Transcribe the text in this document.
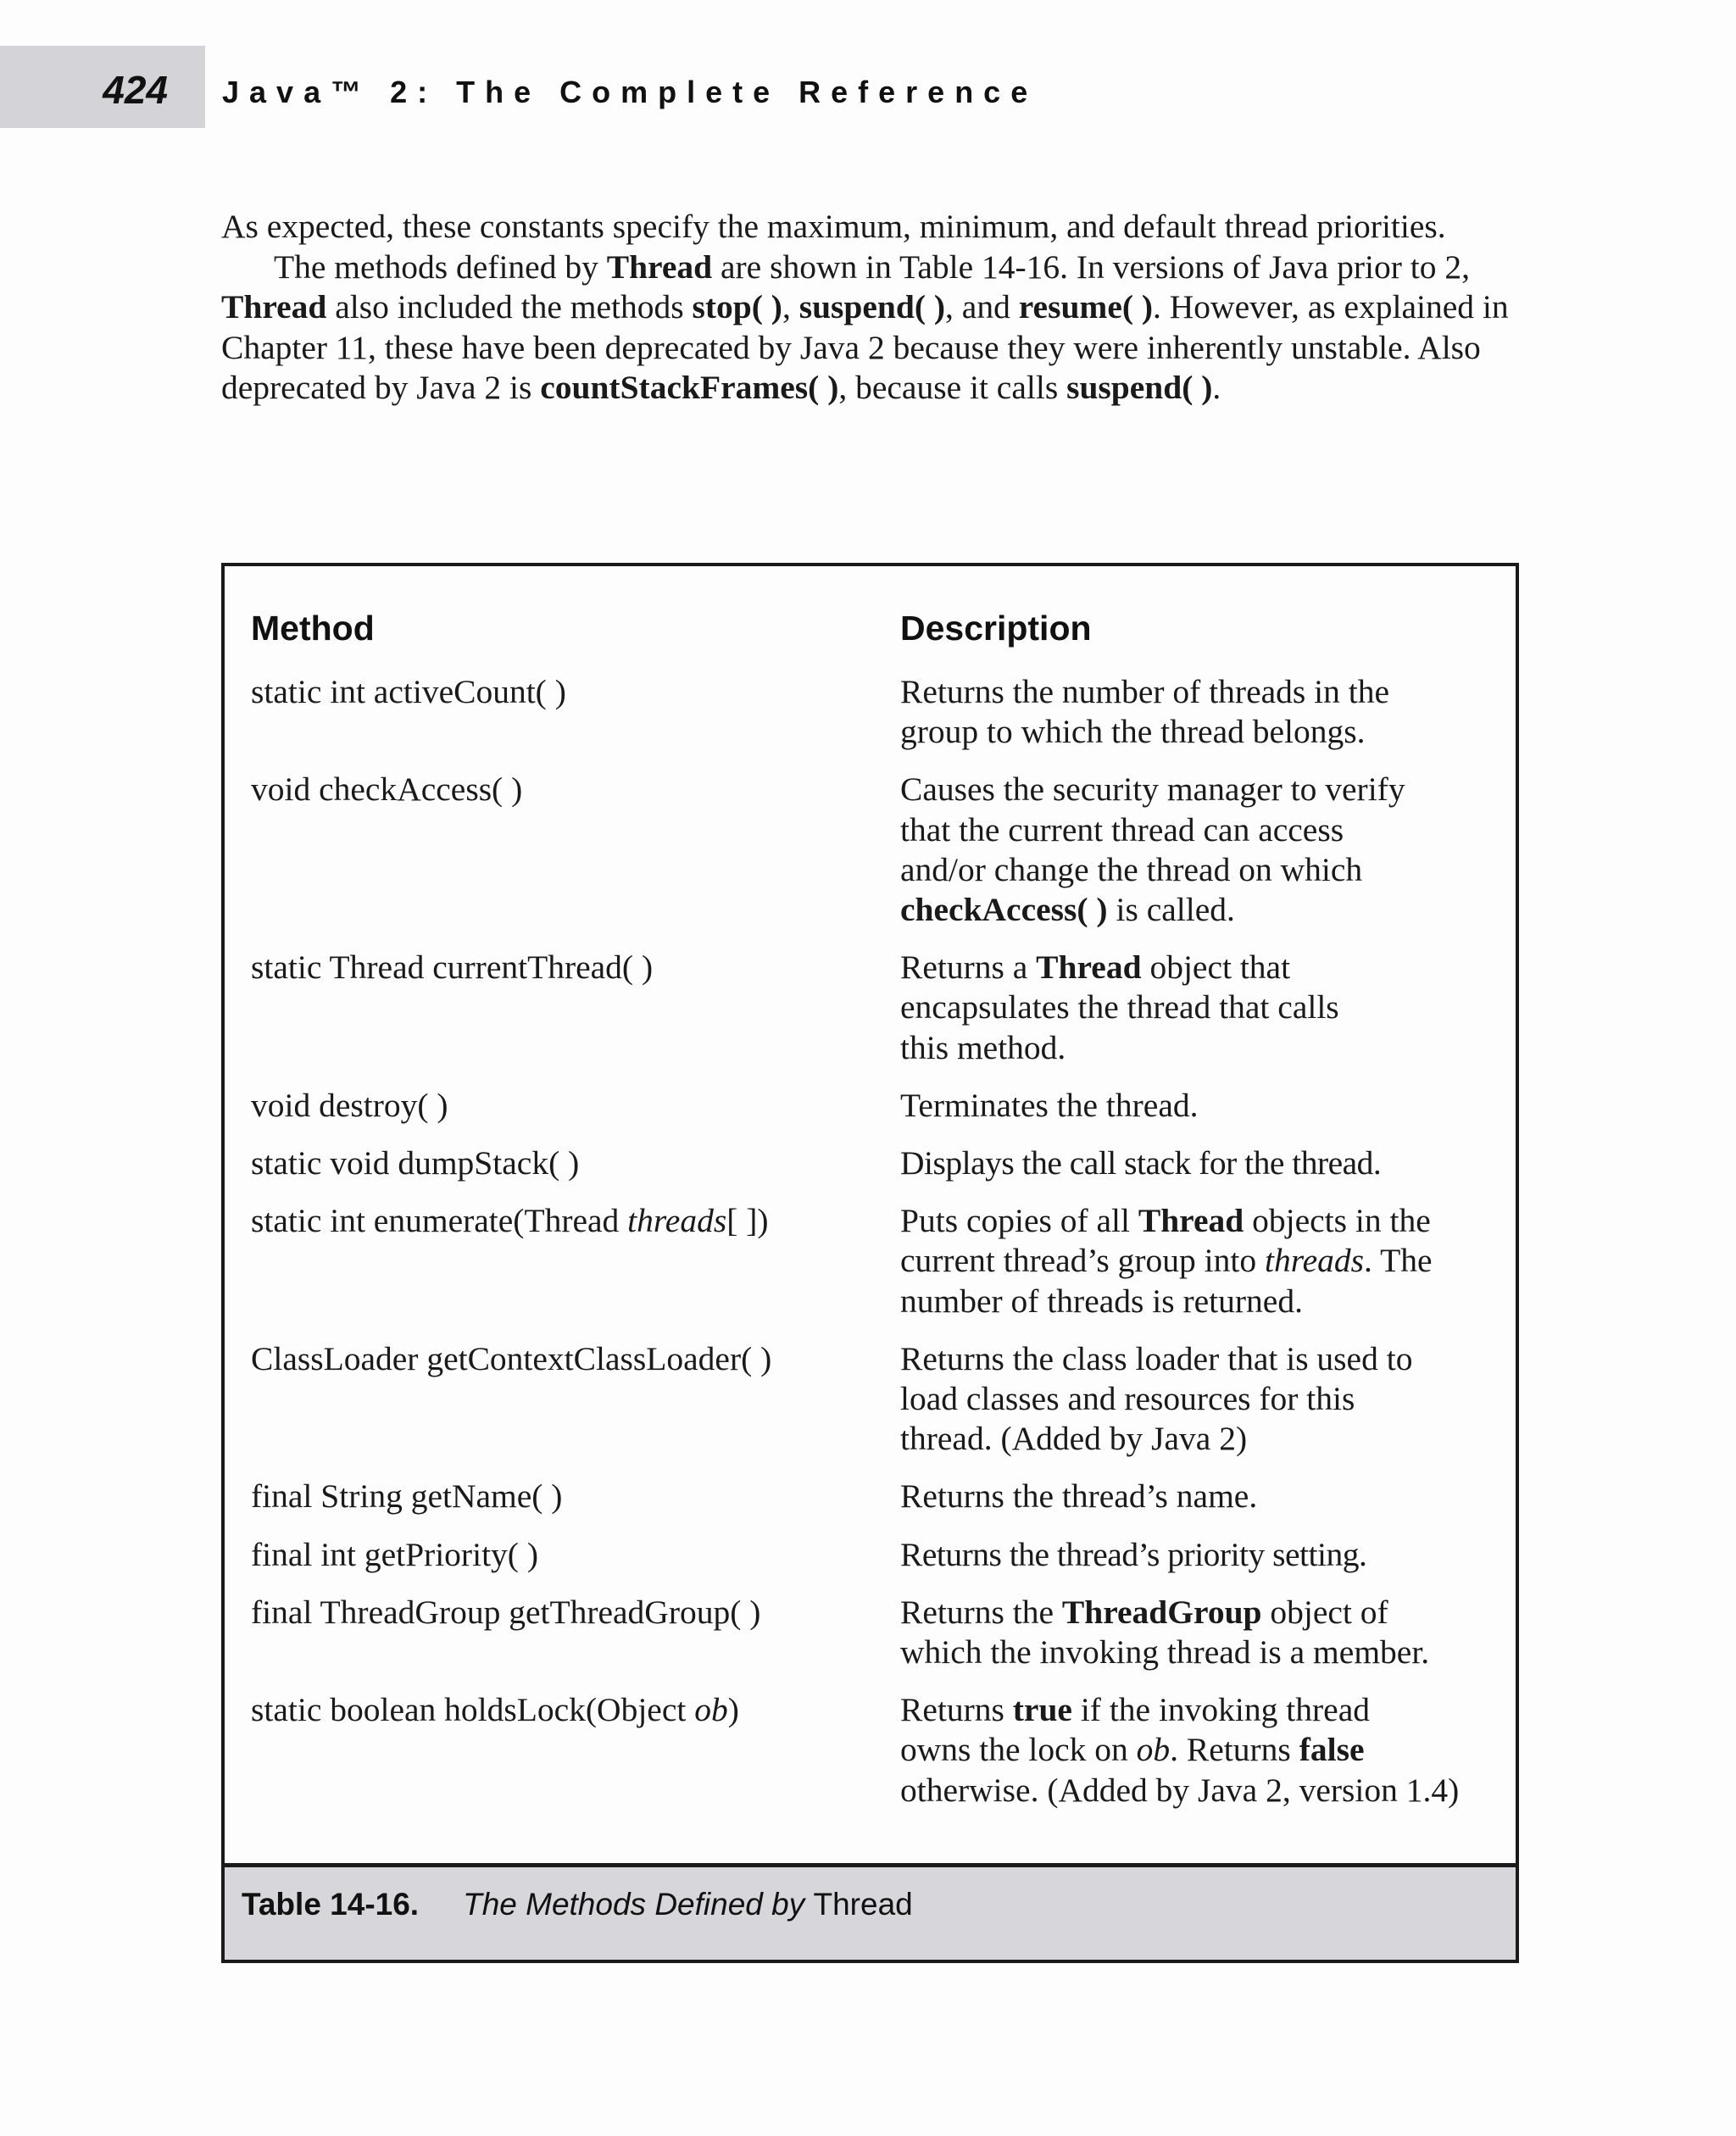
424 Java™ 2: The Complete Reference

As expected, these constants specify the maximum, minimum, and default thread priorities.

The methods defined by Thread are shown in Table 14-16. In versions of Java prior to 2, Thread also included the methods stop( ), suspend( ), and resume( ). However, as explained in Chapter 11, these have been deprecated by Java 2 because they were inherently unstable. Also deprecated by Java 2 is countStackFrames( ), because it calls suspend( ).

Method	Description
static int activeCount( )	Returns the number of threads in the
group to which the thread belongs.
void checkAccess( )	Causes the security manager to verify
that the current thread can access
and/or change the thread on which
checkAccess( ) is called.
static Thread currentThread( )	Returns a Thread object that
encapsulates the thread that calls
this method.
void destroy( )	Terminates the thread.
static void dumpStack( )	Displays the call stack for the thread.
static int enumerate(Thread threads[ ])	Puts copies of all Thread objects in the
current thread’s group into threads. The
number of threads is returned.
ClassLoader getContextClassLoader( )	Returns the class loader that is used to
load classes and resources for this
thread. (Added by Java 2)
final String getName( )	Returns the thread’s name.
final int getPriority( )	Returns the thread’s priority setting.
final ThreadGroup getThreadGroup( )	Returns the ThreadGroup object of
which the invoking thread is a member.
static boolean holdsLock(Object ob)	Returns true if the invoking thread
owns the lock on ob. Returns false
otherwise. (Added by Java 2, version 1.4)
Table 14-16. The Methods Defined by Thread
